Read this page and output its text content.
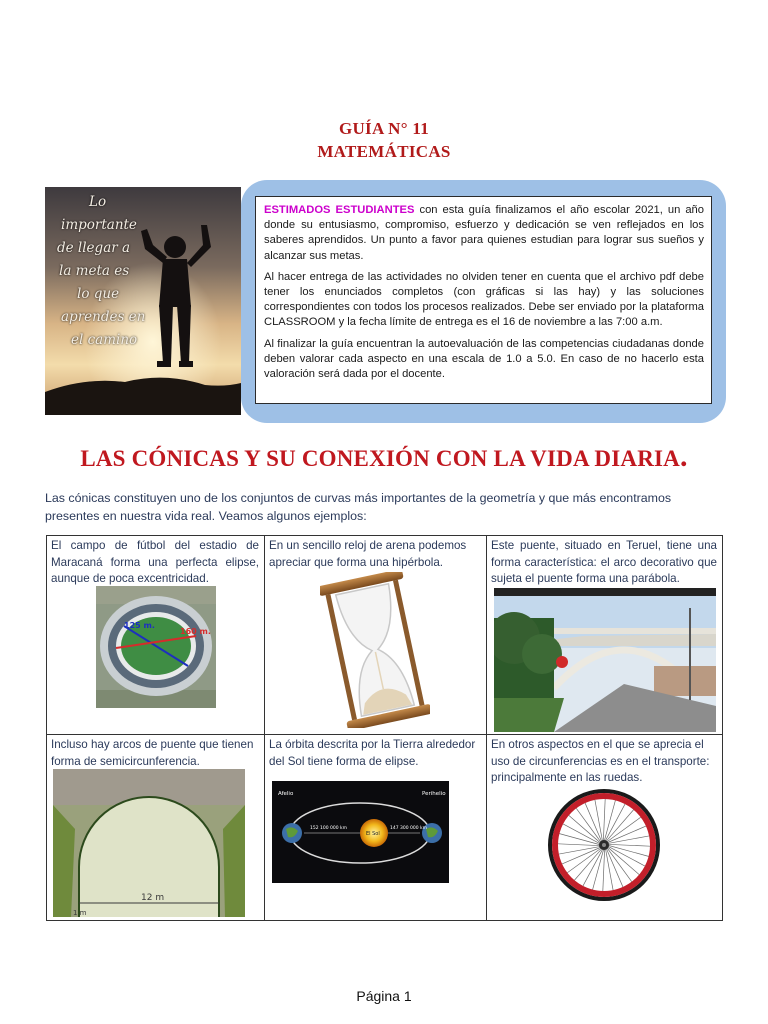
GUÍA N° 11
MATEMÁTICAS
Lo
importante
de llegar a
la meta es
lo que
aprendes en
el camino

ESTIMADOS ESTUDIANTES con esta guía finalizamos el año escolar 2021, un año donde su entusiasmo, compromiso, esfuerzo y dedicación se ven reflejados en los saberes aprendidos. Un punto a favor para quienes estudian para lograr sus sueños y alcanzar sus metas.

Al hacer entrega de las actividades no olviden tener en cuenta que el archivo pdf debe tener los enunciados completos (con gráficas si las hay) y las soluciones correspondientes con todos los procesos realizados. Debe ser enviado por la plataforma CLASSROOM y la fecha límite de entrega es el 16 de noviembre a las 7:00 a.m.

Al finalizar la guía encuentran la autoevaluación de las competencias ciudadanas donde deben valorar cada aspecto en una escala de 1.0 a 5.0. En caso de no hacerlo esta valoración será dada por el docente.

LAS CÓNICAS Y SU CONEXIÓN CON LA VIDA DIARIA.
Las cónicas constituyen uno de los conjuntos de curvas más importantes de la geometría y que más encontramos presentes en nuestra vida real. Veamos algunos ejemplos:
El campo de fútbol del estadio de Maracaná forma una perfecta elipse, aunque de poca excentricidad.
125 m.
160 m.
En un sencillo reloj de arena podemos apreciar que forma una hipérbola.
Este puente, situado en Teruel, tiene una forma característica: el arco decorativo que sujeta el puente forma una parábola.
Incluso hay arcos de puente que tienen forma de semicircunferencia.
12 m
1 m
La órbita descrita por la Tierra alrededor del Sol tiene forma de elipse.
Afelio	Perihelio
El Sol
152 100 000 km	147 300 000 km
En otros aspectos en el que se aprecia el uso de circunferencias es en el transporte: principalmente en las ruedas.
Página 1
